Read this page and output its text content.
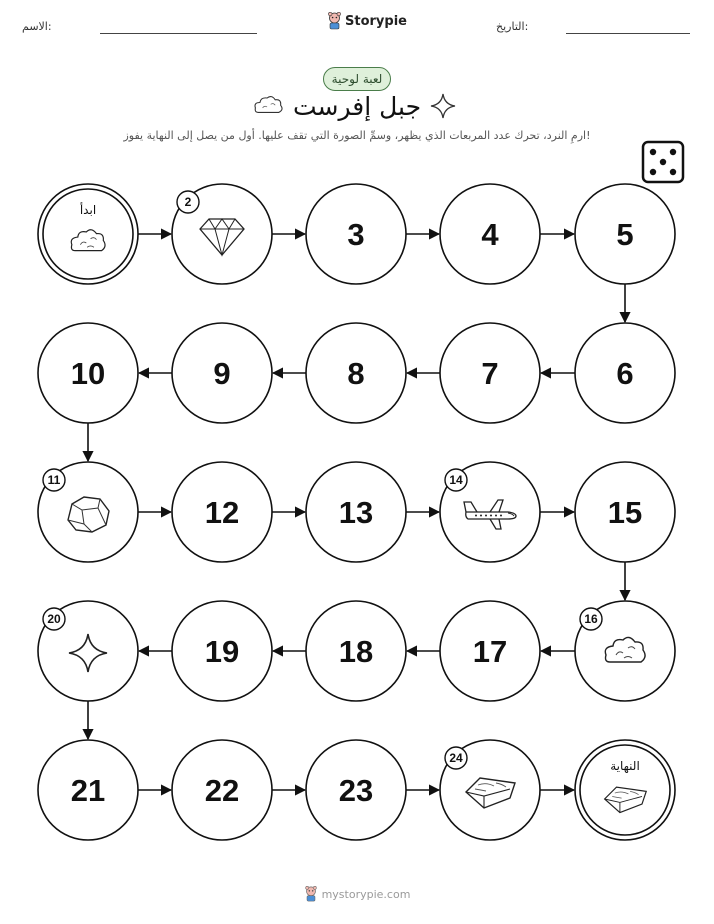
الاسم:	Storypie	التاريخ:
لعبة لوحية
جبل إفرست
ارمِ النرد، تحرك عدد المربعات الذي يظهر، وسمِّ الصورة التي تقف عليها. أول من يصل إلى النهاية يفوز!
ابدأ
2
3	4	5
6
7
8
9
10
11
12	13
14
15
16
17
18
19
20
21	22	23
24
النهاية
mystorypie.com
